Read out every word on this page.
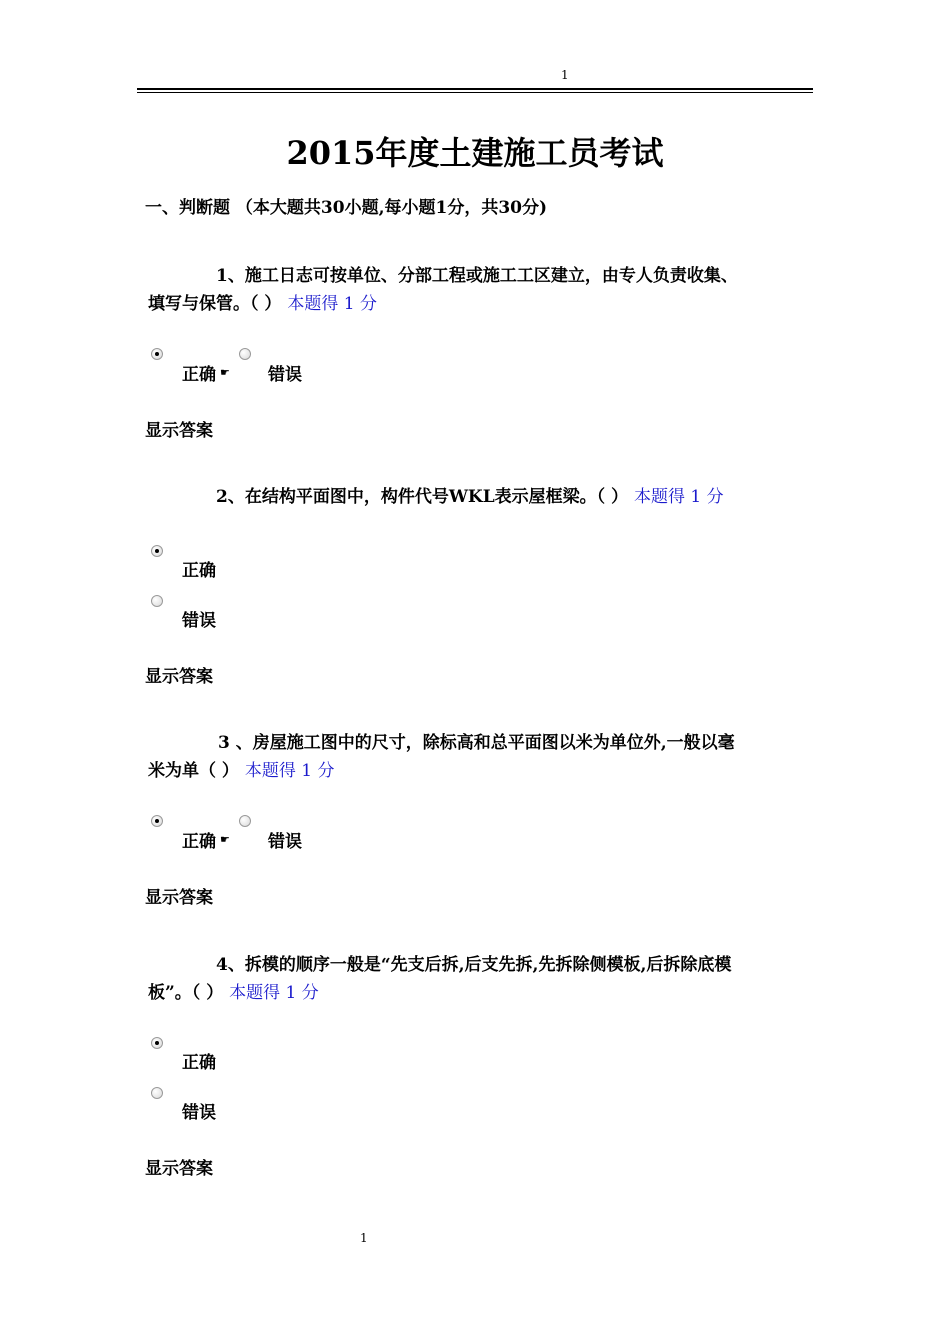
1
2015年度土建施工员考试
一、判断题 （本大题共30小题,每小题1分，共30分)
1、施工日志可按单位、分部工程或施工工区建立，由专人负责收集、
填写与保管。（ ） 本题得 1 分
正确 ☛ 错误
显示答案
2、在结构平面图中，构件代号WKL表示屋框梁。（ ） 本题得 1 分
正确
错误
显示答案
3 、房屋施工图中的尺寸，除标高和总平面图以米为单位外,一般以毫
米为单（ ） 本题得 1 分
正确 ☛ 错误
显示答案
4、拆模的顺序一般是“先支后拆,后支先拆,先拆除侧模板,后拆除底模
板”。（ ） 本题得 1 分
正确
错误
显示答案
1
